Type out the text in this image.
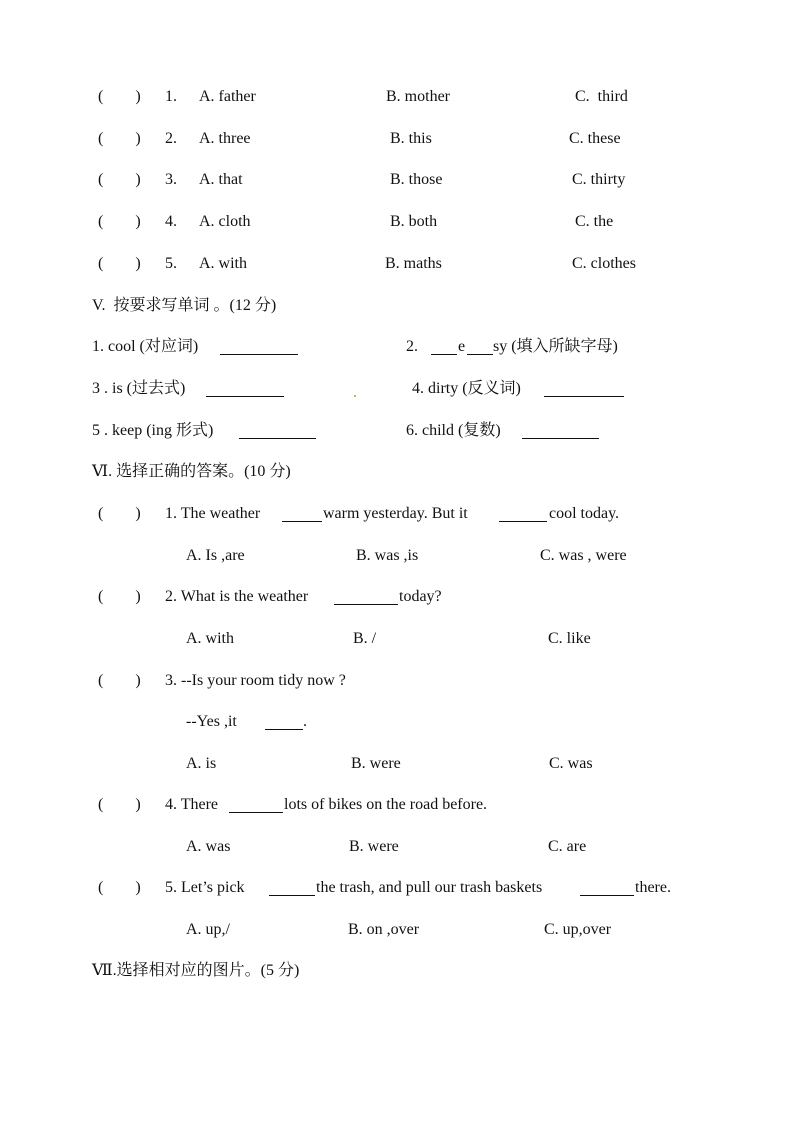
(        ) 1. A. father	B. mother	C.  third
(        ) 2. A. three	B. this	C. these
(        ) 3. A. that	B. those	C. thirty
(        ) 4. A. cloth	B. both	C. the
(        ) 5. A. with	B. maths	C. clothes
V.  按要求写单词 。(12 分)
1. cool (对应词)	2.	e sy (填入所缺字母)
3 . is (过去式)	4. dirty (反义词)
5 . keep (ing 形式)	6. child (复数)
Ⅵ. 选择正确的答案。(10 分)
(        ) 1. The weather	warm yesterday. But it	cool today.
A. Is ,are	B. was ,is	C. was , were
(        ) 2. What is the weather	today?
A. with	B. /	C. like
(        ) 3. --Is your room tidy now ?
--Yes ,it	.
A. is	B. were	C. was
(        ) 4. There	lots of bikes on the road before.
A. was	B. were	C. are
(        ) 5. Let’s pick	the trash, and pull our trash baskets	there.
A. up,/	B. on ,over	C. up,over
Ⅶ.选择相对应的图片。(5 分)
